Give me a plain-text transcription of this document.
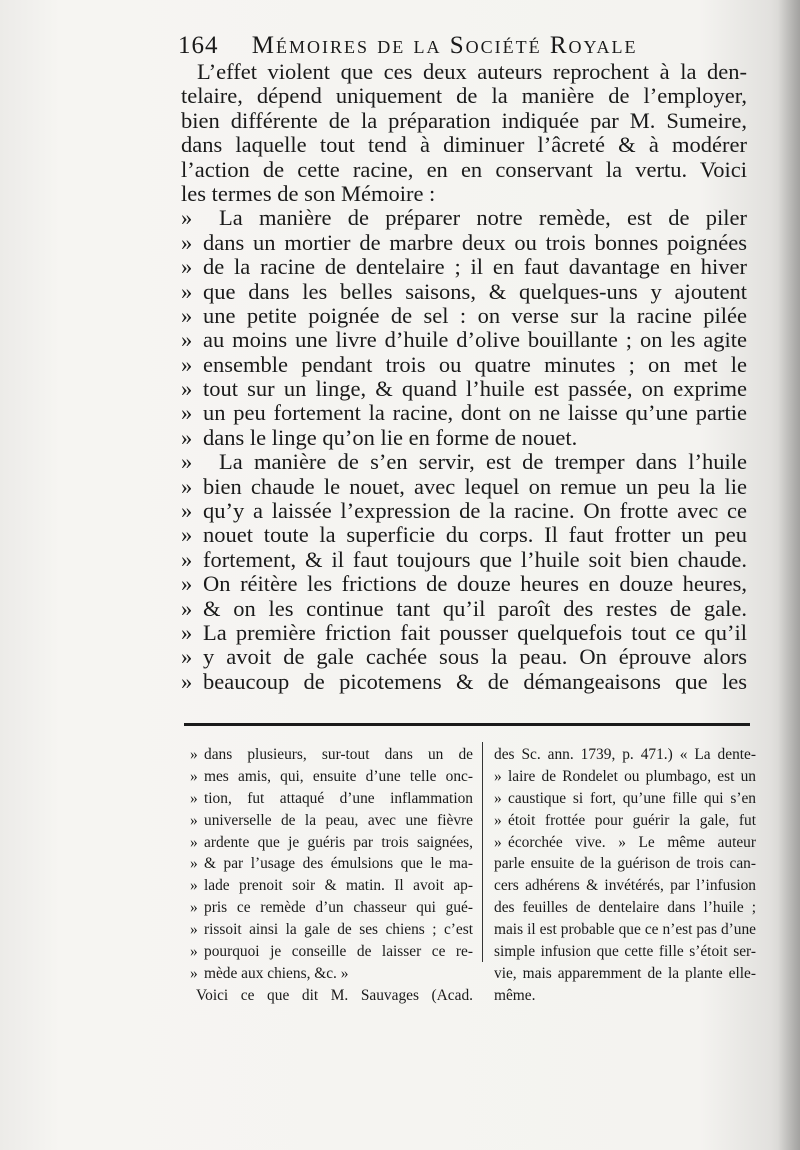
164 Mémoires de la Société Royale
L’effet violent que ces deux auteurs reprochent à la den-
telaire, dépend uniquement de la manière de l’employer,
bien différente de la préparation indiquée par M. Sumeire,
dans laquelle tout tend à diminuer l’âcreté & à modérer
l’action de cette racine, en en conservant la vertu. Voici
les termes de son Mémoire :
» La manière de préparer notre remède, est de piler
» dans un mortier de marbre deux ou trois bonnes poignées
» de la racine de dentelaire ; il en faut davantage en hiver
» que dans les belles saisons, & quelques-uns y ajoutent
» une petite poignée de sel : on verse sur la racine pilée
» au moins une livre d’huile d’olive bouillante ; on les agite
» ensemble pendant trois ou quatre minutes ; on met le
» tout sur un linge, & quand l’huile est passée, on exprime
» un peu fortement la racine, dont on ne laisse qu’une partie
» dans le linge qu’on lie en forme de nouet.
» La manière de s’en servir, est de tremper dans l’huile
» bien chaude le nouet, avec lequel on remue un peu la lie
» qu’y a laissée l’expression de la racine. On frotte avec ce
» nouet toute la superficie du corps. Il faut frotter un peu
» fortement, & il faut toujours que l’huile soit bien chaude.
» On réitère les frictions de douze heures en douze heures,
» & on les continue tant qu’il paroît des restes de gale.
» La première friction fait pousser quelquefois tout ce qu’il
» y avoit de gale cachée sous la peau. On éprouve alors
» beaucoup de picotemens & de démangeaisons que les
» dans plusieurs, sur-tout dans un de
» mes amis, qui, ensuite d’une telle onc-
» tion, fut attaqué d’une inflammation
» universelle de la peau, avec une fièvre
» ardente que je guéris par trois saignées,
» & par l’usage des émulsions que le ma-
» lade prenoit soir & matin. Il avoit ap-
» pris ce remède d’un chasseur qui gué-
» rissoit ainsi la gale de ses chiens ; c’est
» pourquoi je conseille de laisser ce re-
» mède aux chiens, &c. »
Voici ce que dit M. Sauvages (Acad.
des Sc. ann. 1739, p. 471.) « La dente-
» laire de Rondelet ou plumbago, est un
» caustique si fort, qu’une fille qui s’en
» étoit frottée pour guérir la gale, fut
» écorchée vive. » Le même auteur
parle ensuite de la guérison de trois can-
cers adhérens & invétérés, par l’infusion
des feuilles de dentelaire dans l’huile ;
mais il est probable que ce n’est pas d’une
simple infusion que cette fille s’étoit ser-
vie, mais apparemment de la plante elle-
même.
